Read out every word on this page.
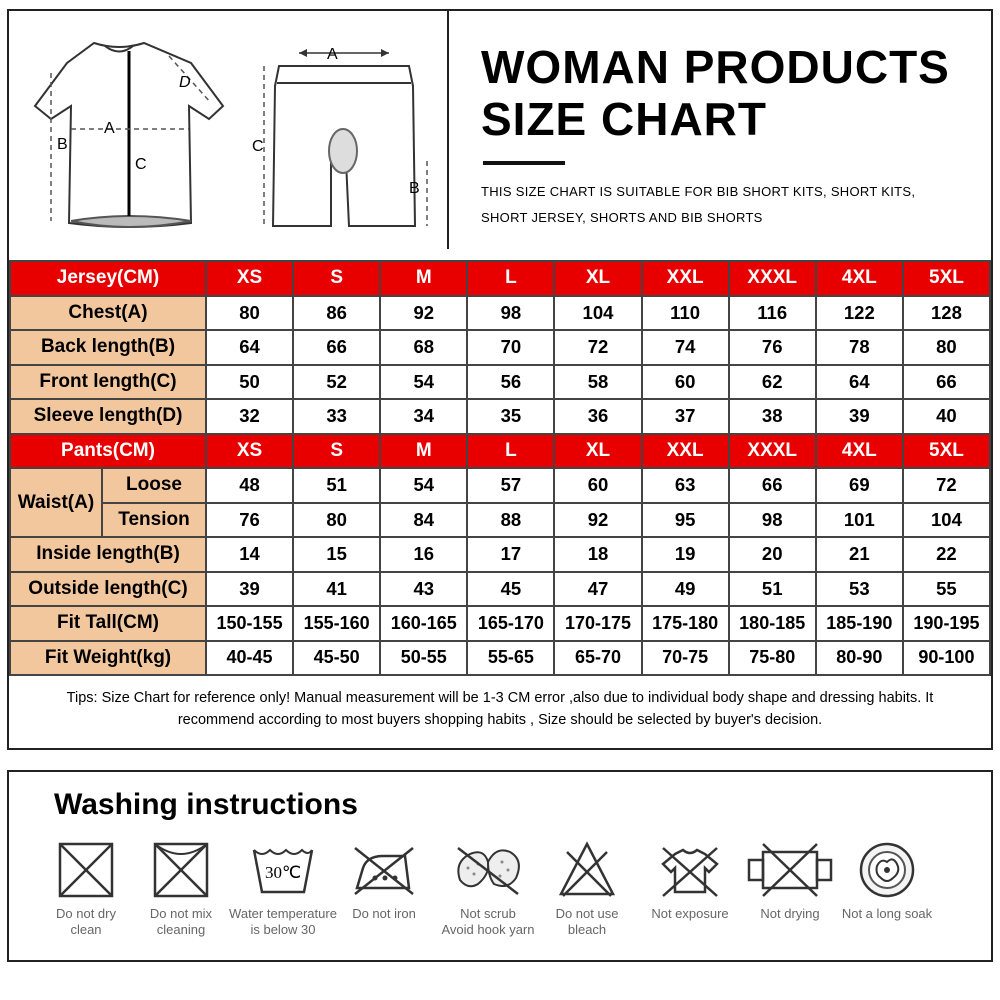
A
B
C
D
A
C
B
WOMAN PRODUCTS
SIZE CHART
THIS SIZE CHART IS SUITABLE FOR BIB SHORT KITS, SHORT KITS,
SHORT JERSEY, SHORTS AND BIB SHORTS
Jersey(CM)		XS	S	M	L	XL	XXL	XXXL	4XL	5XL
Chest(A)		80	86	92	98	104	110	116	122	128
Back length(B)		64	66	68	70	72	74	76	78	80
Front length(C)		50	52	54	56	58	60	62	64	66
Sleeve length(D)		32	33	34	35	36	37	38	39	40
Pants(CM)		XS	S	M	L	XL	XXL	XXXL	4XL	5XL
Waist(A)	Loose	48	51	54	57	60	63	66	69	72
	Tension	76	80	84	88	92	95	98	101	104
Inside length(B)		14	15	16	17	18	19	20	21	22
Outside length(C)		39	41	43	45	47	49	51	53	55
Fit Tall(CM)		150-155	155-160	160-165	165-170	170-175	175-180	180-185	185-190	190-195
Fit Weight(kg)		40-45	45-50	50-55	55-65	65-70	70-75	75-80	80-90	90-100
Tips: Size Chart for reference only! Manual measurement will be 1-3 CM error ,also due to individual body shape and dressing habits. It
recommend according to most buyers shopping habits , Size should be selected by buyer's decision.
Washing instructions
Do not dry
clean
Do not mix
cleaning
30℃
Water temperature
is below 30
Do not iron	Not scrub
Avoid hook yarn
Do not use
bleach
Not exposure	Not drying	Not a long soak
